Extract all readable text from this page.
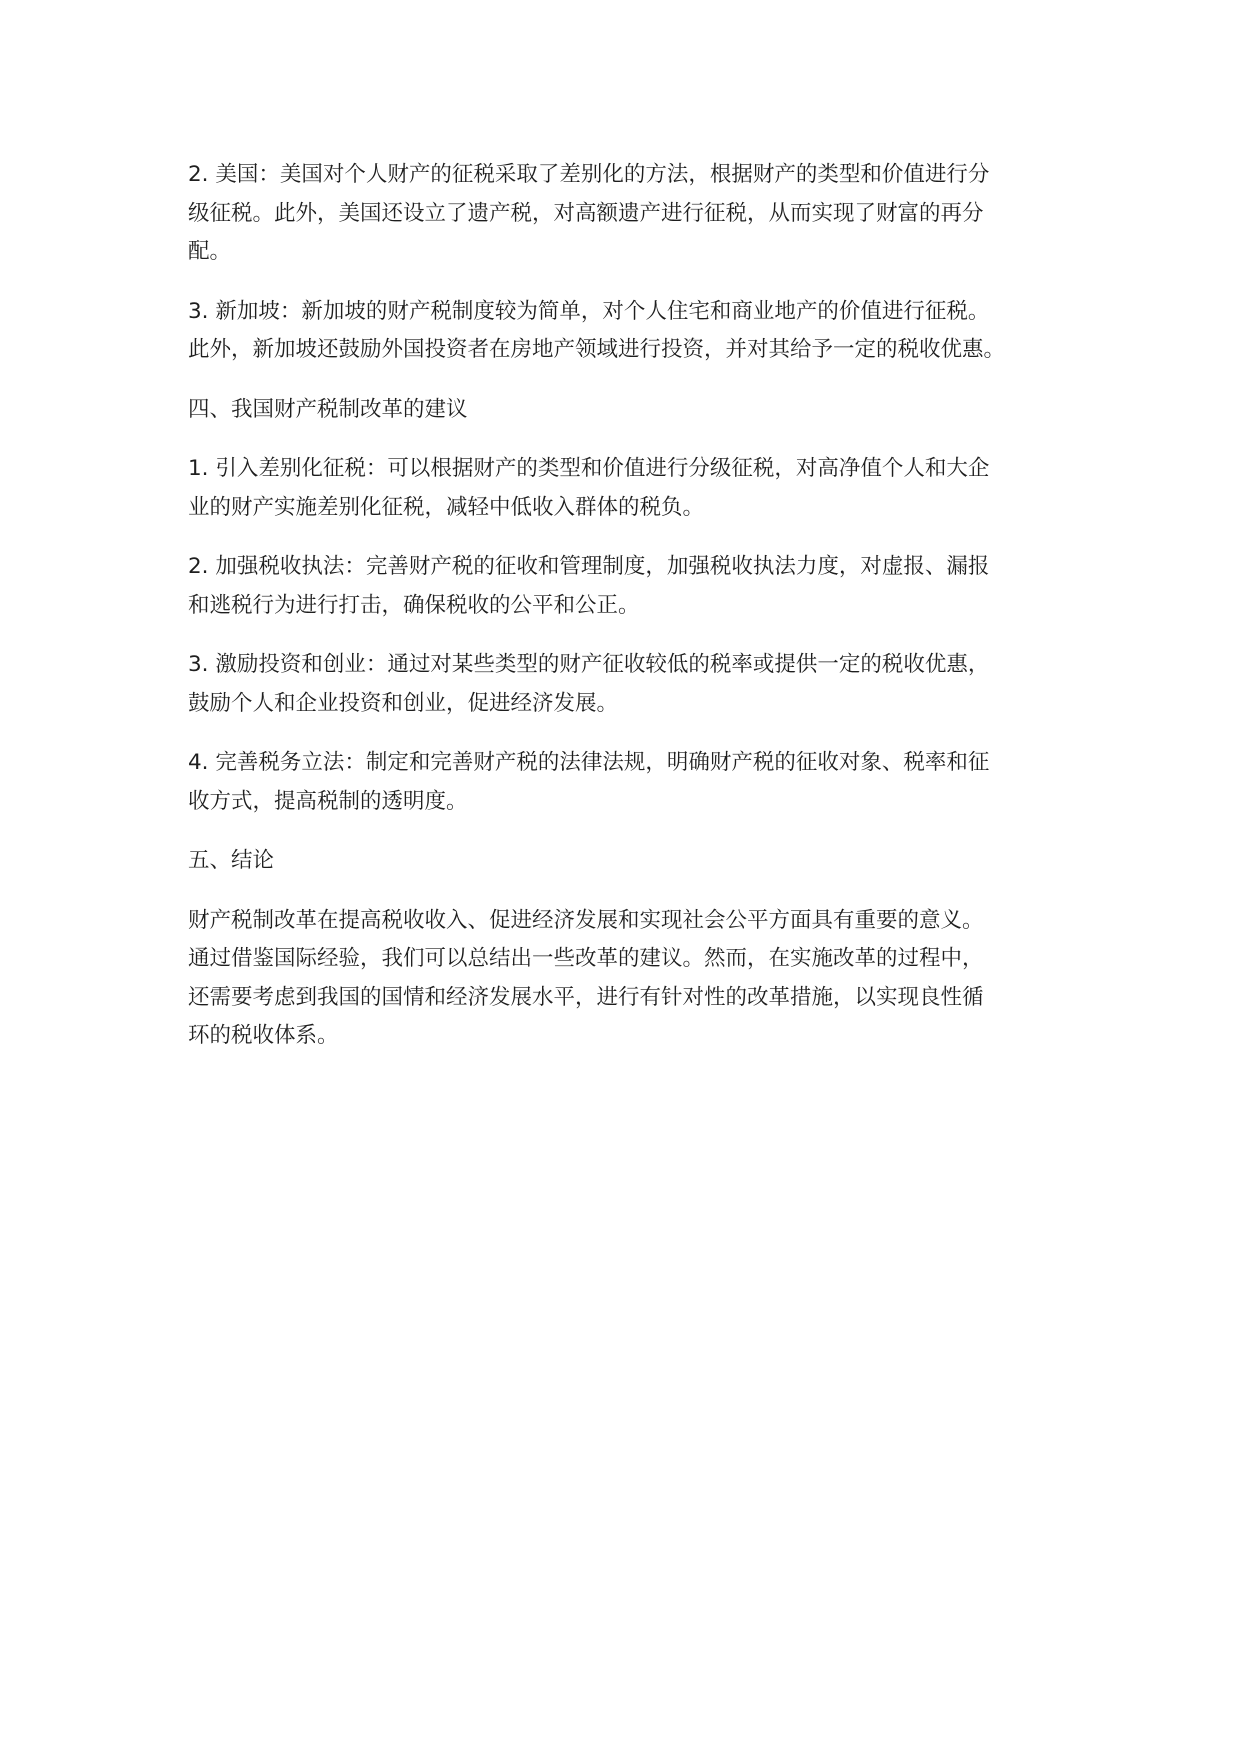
2. 美国：美国对个人财产的征税采取了差别化的方法，根据财产的类型和价值进行分
级征税。此外，美国还设立了遗产税，对高额遗产进行征税，从而实现了财富的再分
配。

3. 新加坡：新加坡的财产税制度较为简单，对个人住宅和商业地产的价值进行征税。
此外，新加坡还鼓励外国投资者在房地产领域进行投资，并对其给予一定的税收优惠。

四、我国财产税制改革的建议

1. 引入差别化征税：可以根据财产的类型和价值进行分级征税，对高净值个人和大企
业的财产实施差别化征税，减轻中低收入群体的税负。

2. 加强税收执法：完善财产税的征收和管理制度，加强税收执法力度，对虚报、漏报
和逃税行为进行打击，确保税收的公平和公正。

3. 激励投资和创业：通过对某些类型的财产征收较低的税率或提供一定的税收优惠，
鼓励个人和企业投资和创业，促进经济发展。

4. 完善税务立法：制定和完善财产税的法律法规，明确财产税的征收对象、税率和征
收方式，提高税制的透明度。

五、结论

财产税制改革在提高税收收入、促进经济发展和实现社会公平方面具有重要的意义。
通过借鉴国际经验，我们可以总结出一些改革的建议。然而，在实施改革的过程中，
还需要考虑到我国的国情和经济发展水平，进行有针对性的改革措施，以实现良性循
环的税收体系。
